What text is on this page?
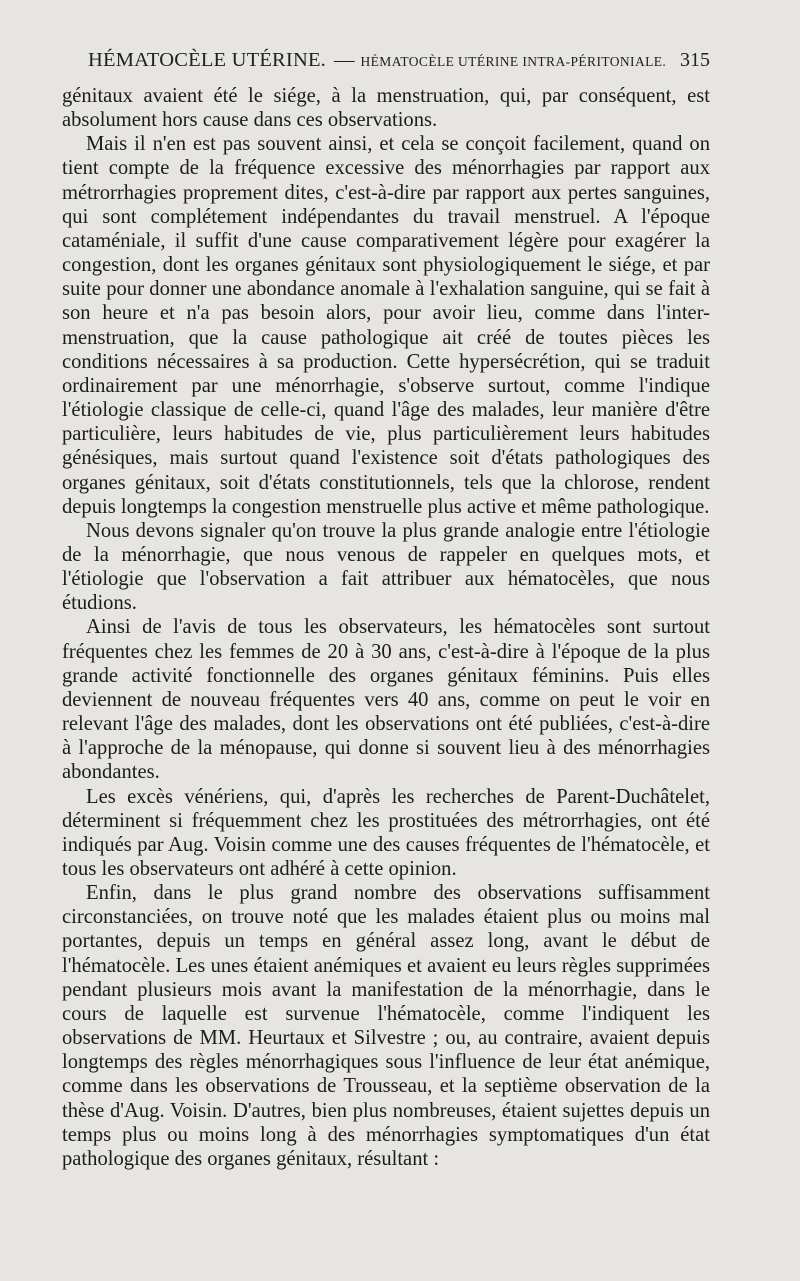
HÉMATOCÈLE UTÉRINE. — HÉMATOCÈLE UTÉRINE INTRA-PÉRITONIALE. 315

génitaux avaient été le siége, à la menstruation, qui, par conséquent, est absolument hors cause dans ces observations.

Mais il n'en est pas souvent ainsi, et cela se conçoit facilement, quand on tient compte de la fréquence excessive des ménorrhagies par rapport aux métrorrhagies proprement dites, c'est-à-dire par rapport aux pertes sanguines, qui sont complétement indépendantes du travail menstruel. A l'époque cataméniale, il suffit d'une cause comparativement légère pour exagérer la congestion, dont les organes génitaux sont physiologiquement le siége, et par suite pour donner une abondance anomale à l'exhalation sanguine, qui se fait à son heure et n'a pas besoin alors, pour avoir lieu, comme dans l'inter-menstruation, que la cause pathologique ait créé de toutes pièces les conditions nécessaires à sa production. Cette hypersécrétion, qui se traduit ordinairement par une ménorrhagie, s'observe surtout, comme l'indique l'étiologie classique de celle-ci, quand l'âge des malades, leur manière d'être particulière, leurs habitudes de vie, plus particulièrement leurs habitudes génésiques, mais surtout quand l'existence soit d'états pathologiques des organes génitaux, soit d'états constitutionnels, tels que la chlorose, rendent depuis longtemps la congestion menstruelle plus active et même pathologique.

Nous devons signaler qu'on trouve la plus grande analogie entre l'étiologie de la ménorrhagie, que nous venous de rappeler en quelques mots, et l'étiologie que l'observation a fait attribuer aux hématocèles, que nous étudions.

Ainsi de l'avis de tous les observateurs, les hématocèles sont surtout fréquentes chez les femmes de 20 à 30 ans, c'est-à-dire à l'époque de la plus grande activité fonctionnelle des organes génitaux féminins. Puis elles deviennent de nouveau fréquentes vers 40 ans, comme on peut le voir en relevant l'âge des malades, dont les observations ont été publiées, c'est-à-dire à l'approche de la ménopause, qui donne si souvent lieu à des ménorrhagies abondantes.

Les excès vénériens, qui, d'après les recherches de Parent-Duchâtelet, déterminent si fréquemment chez les prostituées des métrorrhagies, ont été indiqués par Aug. Voisin comme une des causes fréquentes de l'hématocèle, et tous les observateurs ont adhéré à cette opinion.

Enfin, dans le plus grand nombre des observations suffisamment circonstanciées, on trouve noté que les malades étaient plus ou moins mal portantes, depuis un temps en général assez long, avant le début de l'hématocèle. Les unes étaient anémiques et avaient eu leurs règles supprimées pendant plusieurs mois avant la manifestation de la ménorrhagie, dans le cours de laquelle est survenue l'hématocèle, comme l'indiquent les observations de MM. Heurtaux et Silvestre ; ou, au contraire, avaient depuis longtemps des règles ménorrhagiques sous l'influence de leur état anémique, comme dans les observations de Trousseau, et la septième observation de la thèse d'Aug. Voisin. D'autres, bien plus nombreuses, étaient sujettes depuis un temps plus ou moins long à des ménorrhagies symptomatiques d'un état pathologique des organes génitaux, résultant :
